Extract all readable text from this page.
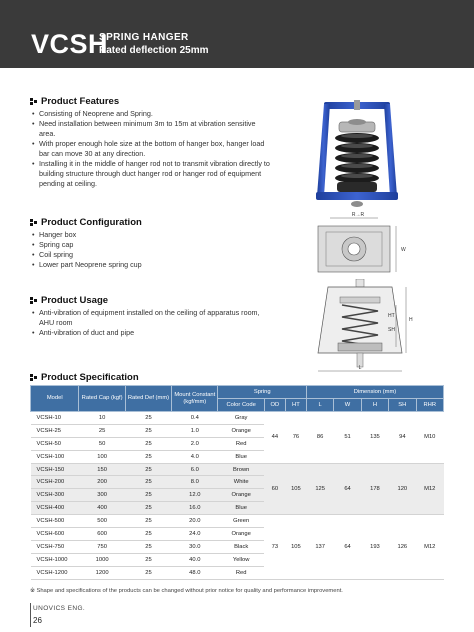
VCSH
SPRING HANGER
Rated deflection 25mm
Product Features
• Consisting of Neoprene and Spring.
• Need installation between minimum 3m to 15m at vibration sensitive area.
• With proper enough hole size at the bottom of hanger box, hanger load bar can move 30 at any direction.
• Installing it in the middle of hanger rod not to transmit vibration directly to building structure through duct hanger rod or hanger rod of equipment pending at ceiling.
Product Configuration
• Hanger box
• Spring cap
• Coil spring
• Lower part Neoprene spring cup
Product Usage
• Anti-vibration of equipment installed on the ceiling of apparatus room, AHU room
• Anti-vibration of duct and pipe
R→R
W
H
SH
HT
L
Product Specification
Model	Rated Cap (kgf)	Rated Def (mm)	Mount Constant (kgf/mm)	Spring			Dimension (mm)				
				Color Code	OD	HT	L	W	H	SH	RHR
VCSH-10	10	25	0.4	Gray	44	76	86	51	135	94	M10
VCSH-25	25	25	1.0	Orange							
VCSH-50	50	25	2.0	Red							
VCSH-100	100	25	4.0	Blue							
VCSH-150	150	25	6.0	Brown	60	105	125	64	178	120	M12
VCSH-200	200	25	8.0	White							
VCSH-300	300	25	12.0	Orange							
VCSH-400	400	25	16.0	Blue							
VCSH-500	500	25	20.0	Green	73	105	137	64	193	126	M12
VCSH-600	600	25	24.0	Orange							
VCSH-750	750	25	30.0	Black							
VCSH-1000	1000	25	40.0	Yellow							
VCSH-1200	1200	25	48.0	Red							
※ Shape and specifications of the products can be changed without prior notice for quality and performance improvement.
UNOVICS ENG.
26
